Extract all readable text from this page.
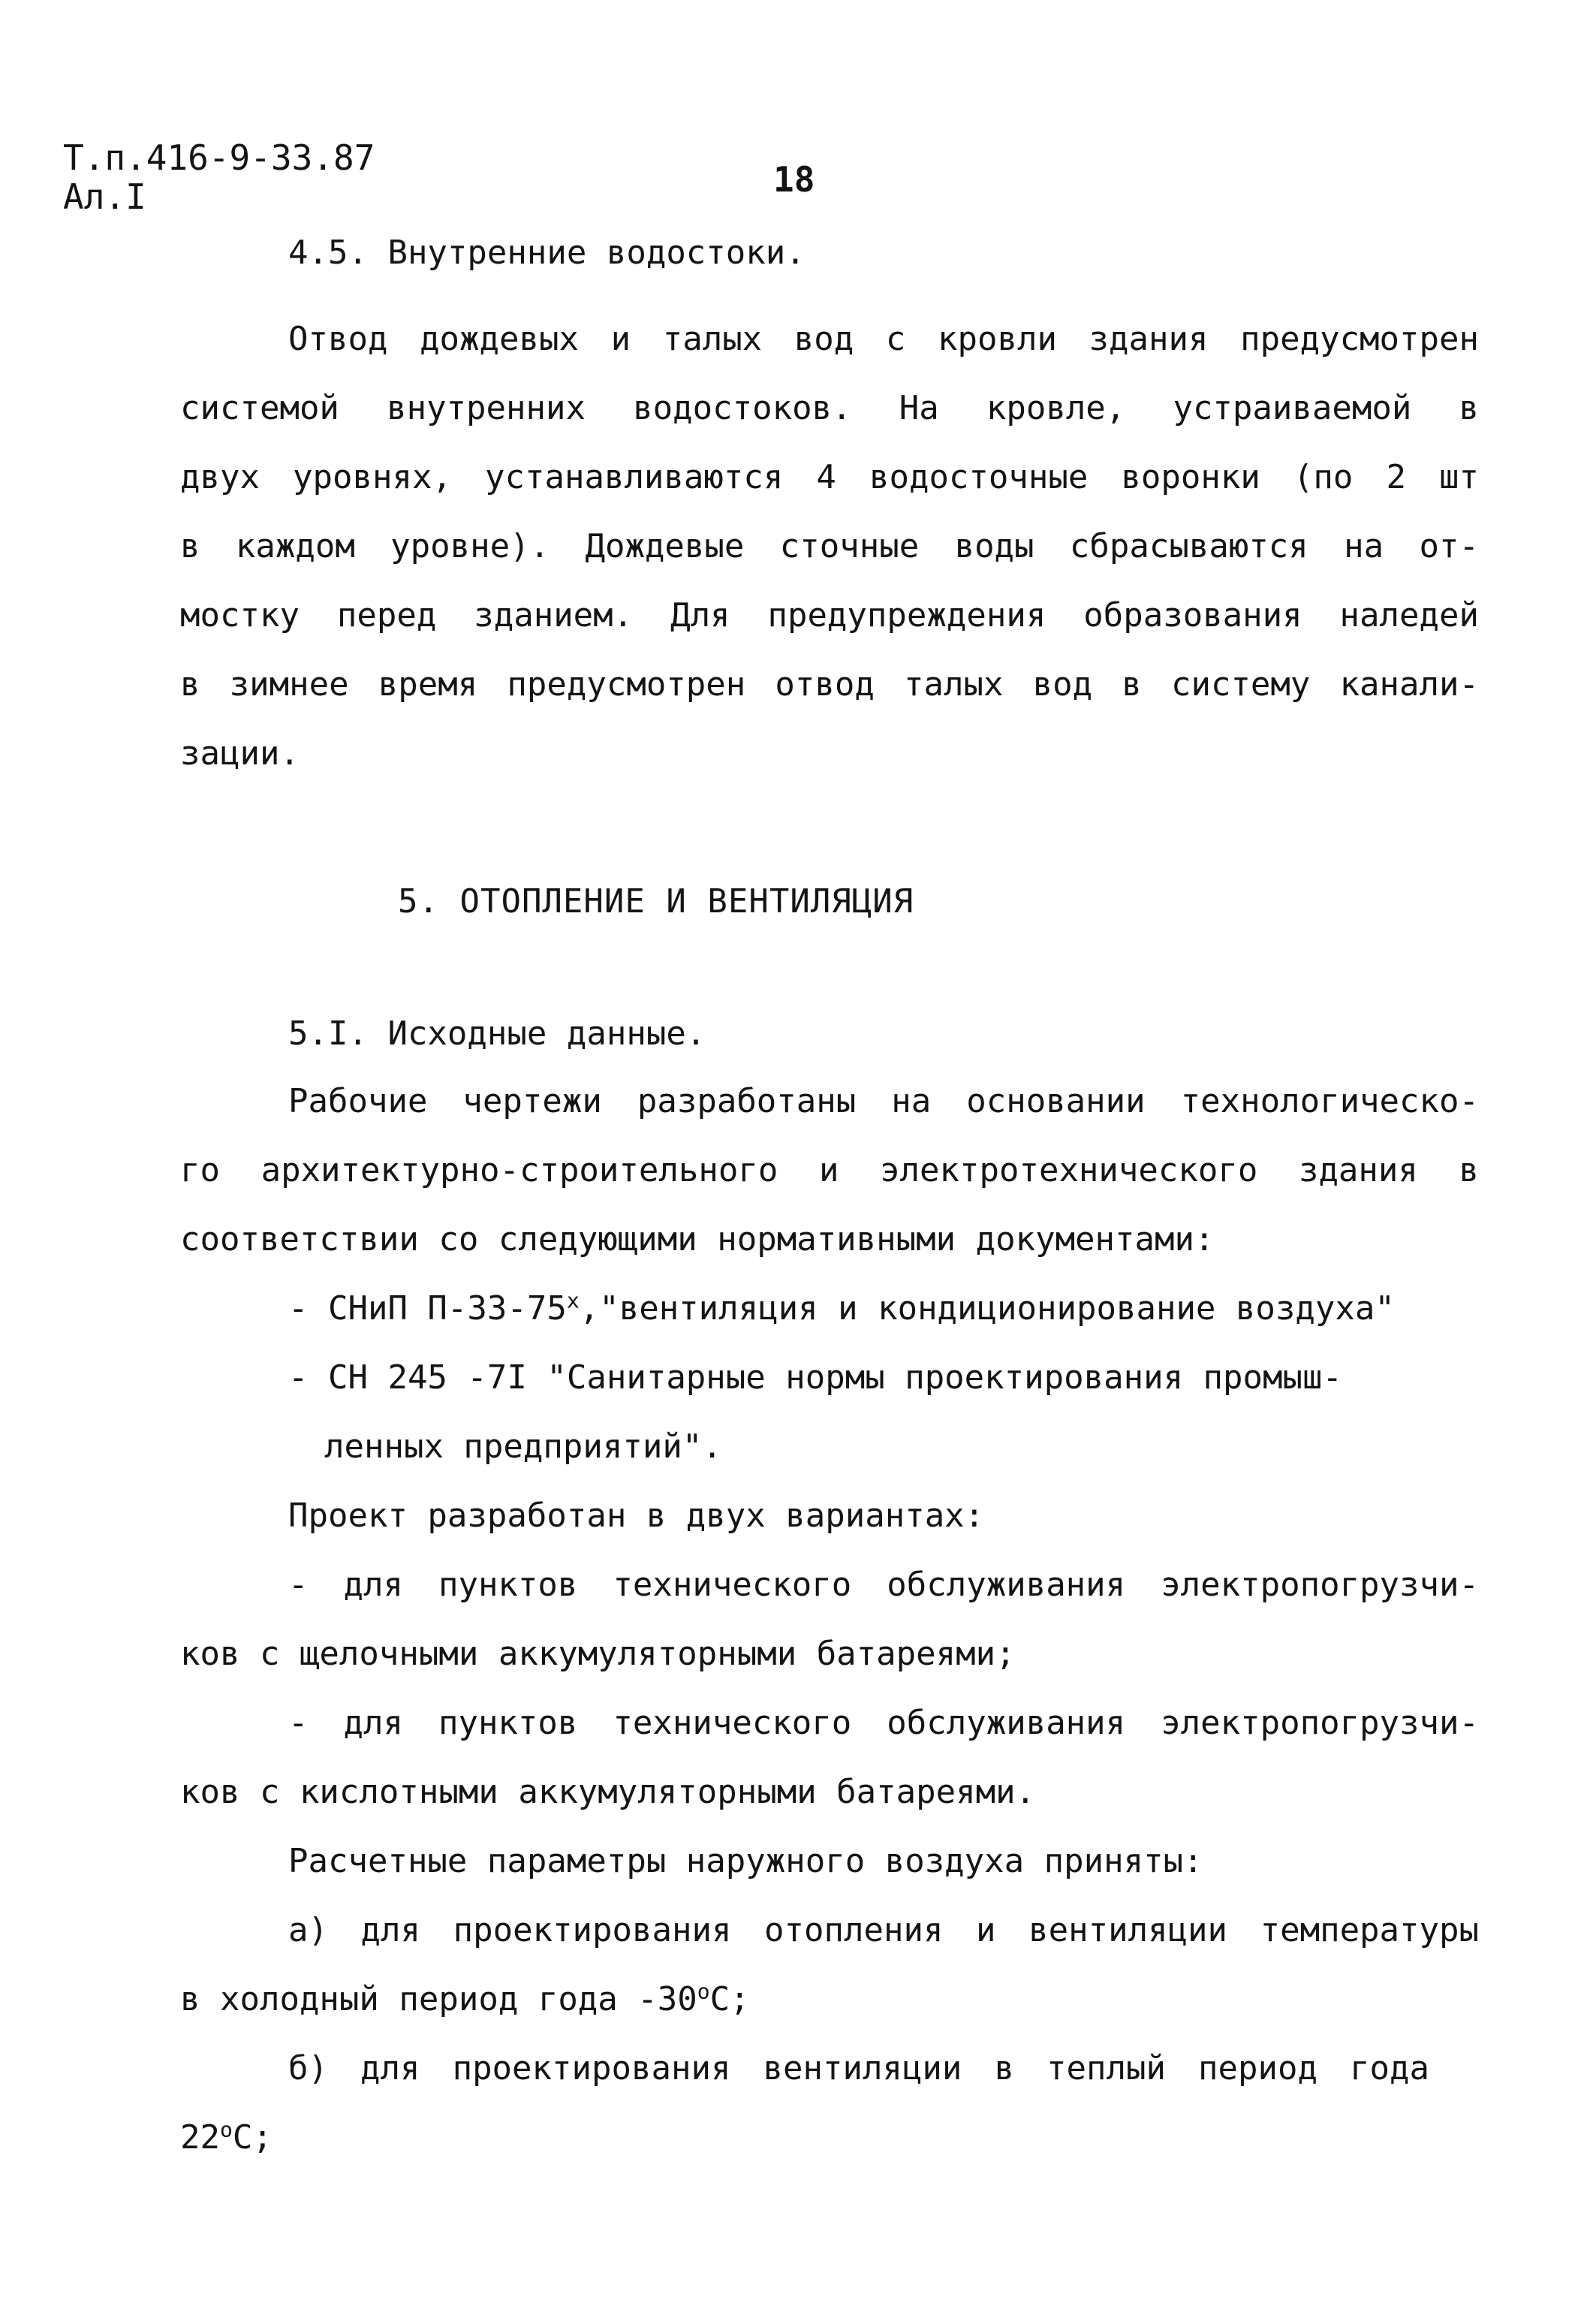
Т.п.416-9-33.87
Ал.I	18
4.5. Внутренние водостоки.
Отвод дождевых и талых вод с кровли здания предусмотрен
системой внутренних водостоков. На кровле, устраиваемой в
двух уровнях, устанавливаются 4 водосточные воронки (по 2 шт
в каждом уровне). Дождевые сточные воды сбрасываются на от-
мостку перед зданием. Для предупреждения образования наледей
в зимнее время предусмотрен отвод талых вод в систему канали-
зации.
5. ОТОПЛЕНИЕ И ВЕНТИЛЯЦИЯ
5.I. Исходные данные.
Рабочие чертежи разработаны на основании технологическо-
го архитектурно-строительного и электротехнического здания в
соответствии со следующими нормативными документами:
- СНиП $П-33-75^х,"вентиляция$ и кондиционирование воздуха"
- СН 245 -7I "Санитарные нормы проектирования промыш-
ленных предприятий".
Проект разработан в двух вариантах:
- для пунктов технического обслуживания электропогрузчи-
ков с щелочными аккумуляторными батареями;
- для пунктов технического обслуживания электропогрузчи-
ков с кислотными аккумуляторными батареями.
Расчетные параметры наружного воздуха приняты:
а) для проектирования отопления и вентиляции температуры
в холодный период года $-30^оС$;
б) для проектирования вентиляции в теплый период года
$22^оС$;
